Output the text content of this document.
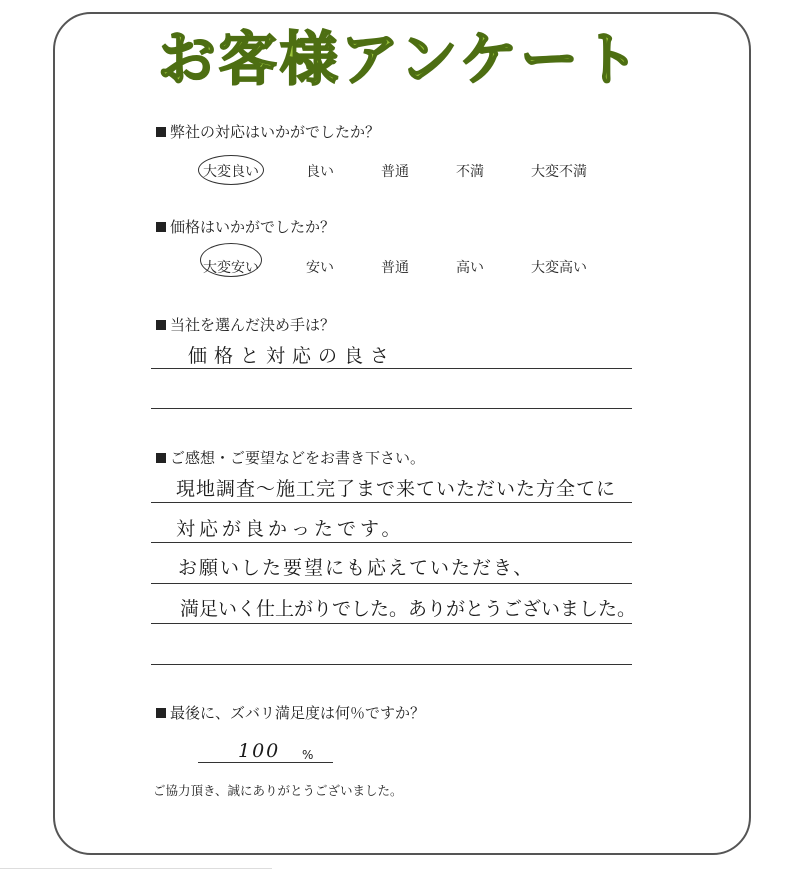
お客様アンケート
弊社の対応はいかがでしたか？
大変良い	良い	普通	不満	大変不満
価格はいかがでしたか？
大変安い	安い	普通	高い	大変高い
当社を選んだ決め手は？
価格と対応の良さ
ご感想・ご要望などをお書き下さい。
現地調査～施工完了まで来ていただいた方全てに
対応が良かったです。
お願いした要望にも応えていただき、
満足いく仕上がりでした。ありがとうございました。
最後に、ズバリ満足度は何％ですか？
100 %
ご協力頂き、誠にありがとうございました。
